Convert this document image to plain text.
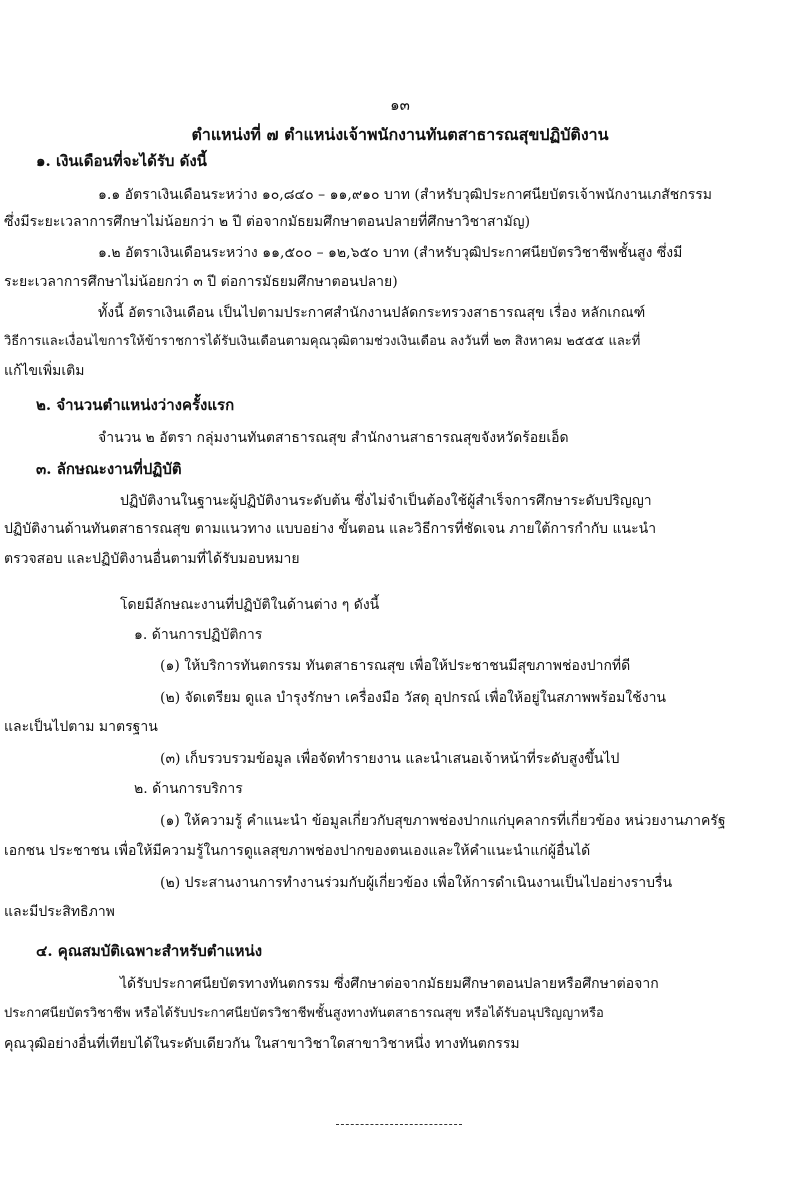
๑๓
ตำแหน่งที่ ๗ ตำแหน่งเจ้าพนักงานทันตสาธารณสุขปฏิบัติงาน
๑. เงินเดือนที่จะได้รับ ดังนี้
๑.๑ อัตราเงินเดือนระหว่าง ๑๐,๘๔๐ – ๑๑,๙๑๐ บาท (สำหรับวุฒิประกาศนียบัตรเจ้าพนักงานเภสัชกรรม
ซึ่งมีระยะเวลาการศึกษาไม่น้อยกว่า ๒ ปี ต่อจากมัธยมศึกษาตอนปลายที่ศึกษาวิชาสามัญ)
๑.๒ อัตราเงินเดือนระหว่าง ๑๑,๕๐๐ – ๑๒,๖๕๐ บาท (สำหรับวุฒิประกาศนียบัตรวิชาชีพชั้นสูง ซึ่งมี
ระยะเวลาการศึกษาไม่น้อยกว่า ๓ ปี ต่อการมัธยมศึกษาตอนปลาย)
ทั้งนี้ อัตราเงินเดือน เป็นไปตามประกาศสำนักงานปลัดกระทรวงสาธารณสุข เรื่อง หลักเกณฑ์
วิธีการและเงื่อนไขการให้ข้าราชการได้รับเงินเดือนตามคุณวุฒิตามช่วงเงินเดือน ลงวันที่ ๒๓ สิงหาคม ๒๕๕๕ และที่
แก้ไขเพิ่มเติม
๒. จำนวนตำแหน่งว่างครั้งแรก
จำนวน ๒ อัตรา กลุ่มงานทันตสาธารณสุข สำนักงานสาธารณสุขจังหวัดร้อยเอ็ด
๓. ลักษณะงานที่ปฏิบัติ
ปฏิบัติงานในฐานะผู้ปฏิบัติงานระดับต้น ซึ่งไม่จำเป็นต้องใช้ผู้สำเร็จการศึกษาระดับปริญญา
ปฏิบัติงานด้านทันตสาธารณสุข ตามแนวทาง แบบอย่าง ขั้นตอน และวิธีการที่ชัดเจน ภายใต้การกำกับ แนะนำ
ตรวจสอบ และปฏิบัติงานอื่นตามที่ได้รับมอบหมาย
โดยมีลักษณะงานที่ปฏิบัติในด้านต่าง ๆ ดังนี้
๑. ด้านการปฏิบัติการ
(๑) ให้บริการทันตกรรม ทันตสาธารณสุข เพื่อให้ประชาชนมีสุขภาพช่องปากที่ดี
(๒) จัดเตรียม ดูแล บำรุงรักษา เครื่องมือ วัสดุ อุปกรณ์ เพื่อให้อยู่ในสภาพพร้อมใช้งาน
และเป็นไปตาม มาตรฐาน
(๓) เก็บรวบรวมข้อมูล เพื่อจัดทำรายงาน และนำเสนอเจ้าหน้าที่ระดับสูงขึ้นไป
๒. ด้านการบริการ
(๑) ให้ความรู้ คำแนะนำ ข้อมูลเกี่ยวกับสุขภาพช่องปากแก่บุคลากรที่เกี่ยวข้อง หน่วยงานภาครัฐ
เอกชน ประชาชน เพื่อให้มีความรู้ในการดูแลสุขภาพช่องปากของตนเองและให้คำแนะนำแก่ผู้อื่นได้
(๒) ประสานงานการทำงานร่วมกับผู้เกี่ยวข้อง เพื่อให้การดำเนินงานเป็นไปอย่างราบรื่น
และมีประสิทธิภาพ
๔. คุณสมบัติเฉพาะสำหรับตำแหน่ง
ได้รับประกาศนียบัตรทางทันตกรรม ซึ่งศึกษาต่อจากมัธยมศึกษาตอนปลายหรือศึกษาต่อจาก
ประกาศนียบัตรวิชาชีพ หรือได้รับประกาศนียบัตรวิชาชีพชั้นสูงทางทันตสาธารณสุข หรือได้รับอนุปริญญาหรือ
คุณวุฒิอย่างอื่นที่เทียบได้ในระดับเดียวกัน ในสาขาวิชาใดสาขาวิชาหนึ่ง ทางทันตกรรม
